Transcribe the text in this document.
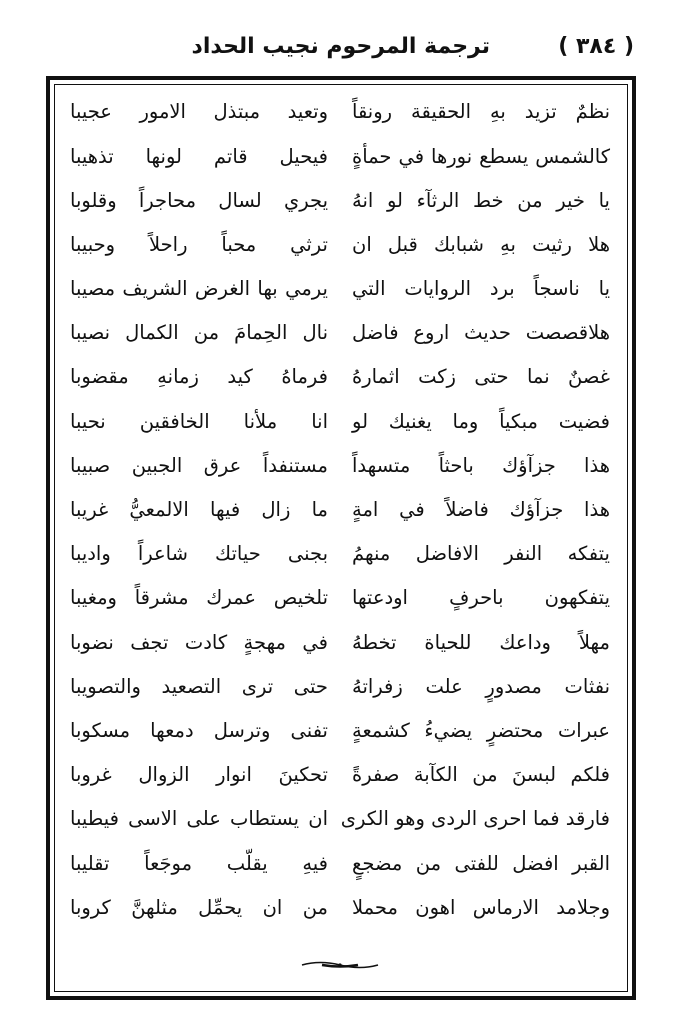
( ٣٨٤ )
ترجمة المرحوم نجيب الحداد
نظمٌ تزيد بهِ الحقيقة رونقاً
وتعيد مبتذل الامور عجيبا
كالشمس يسطع نورها في حمأةٍ
فيحيل قاتم لونها تذهيبا
يا خير من خط الرثآء لو انهُ
يجري لسال محاجراً وقلوبا
هلا رثيت بهِ شبابك قبل ان
ترثي محباً راحلاً وحبيبا
يا ناسجاً برد الروايات التي
يرمي بها الغرض الشريف مصيبا
هلاقصصت حديث اروع فاضل
نال الحِمامَ من الكمال نصيبا
غصنٌ نما حتى زكت اثمارهُ
فرماهُ كيد زمانهِ مقضوبا
فضيت مبكياً وما يغنيك لو
انا ملأنا الخافقين نحيبا
هذا جزآؤك باحثاً متسهداً
مستنفداً عرق الجبين صبيبا
هذا جزآؤك فاضلاً في امةٍ
ما زال فيها الالمعيُّ غريبا
يتفكه النفر الافاضل منهمُ
بجنى حياتك شاعراً واديبا
يتفكهون باحرفٍ اودعتها
تلخيص عمرك مشرقاً ومغيبا
مهلاً وداعك للحياة تخطهُ
في مهجةٍ كادت تجف نضوبا
نفثات مصدورٍ علت زفراتهُ
حتى ترى التصعيد والتصويبا
عبرات محتضرٍ يضيءُ كشمعةٍ
تفنى وترسل دمعها مسكوبا
فلكم لبسنَ من الكآبة صفرةً
تحكينَ انوار الزوال غروبا
فارقد فما احرى الردى وهو الكرى
ان يستطاب على الاسى فيطيبا
القبر افضل للفتى من مضجعٍ
فيهِ يقلّب موجَعاً تقليبا
وجلامد الارماس اهون محملا
من ان يحمِّل مثلهنَّ كروبا
